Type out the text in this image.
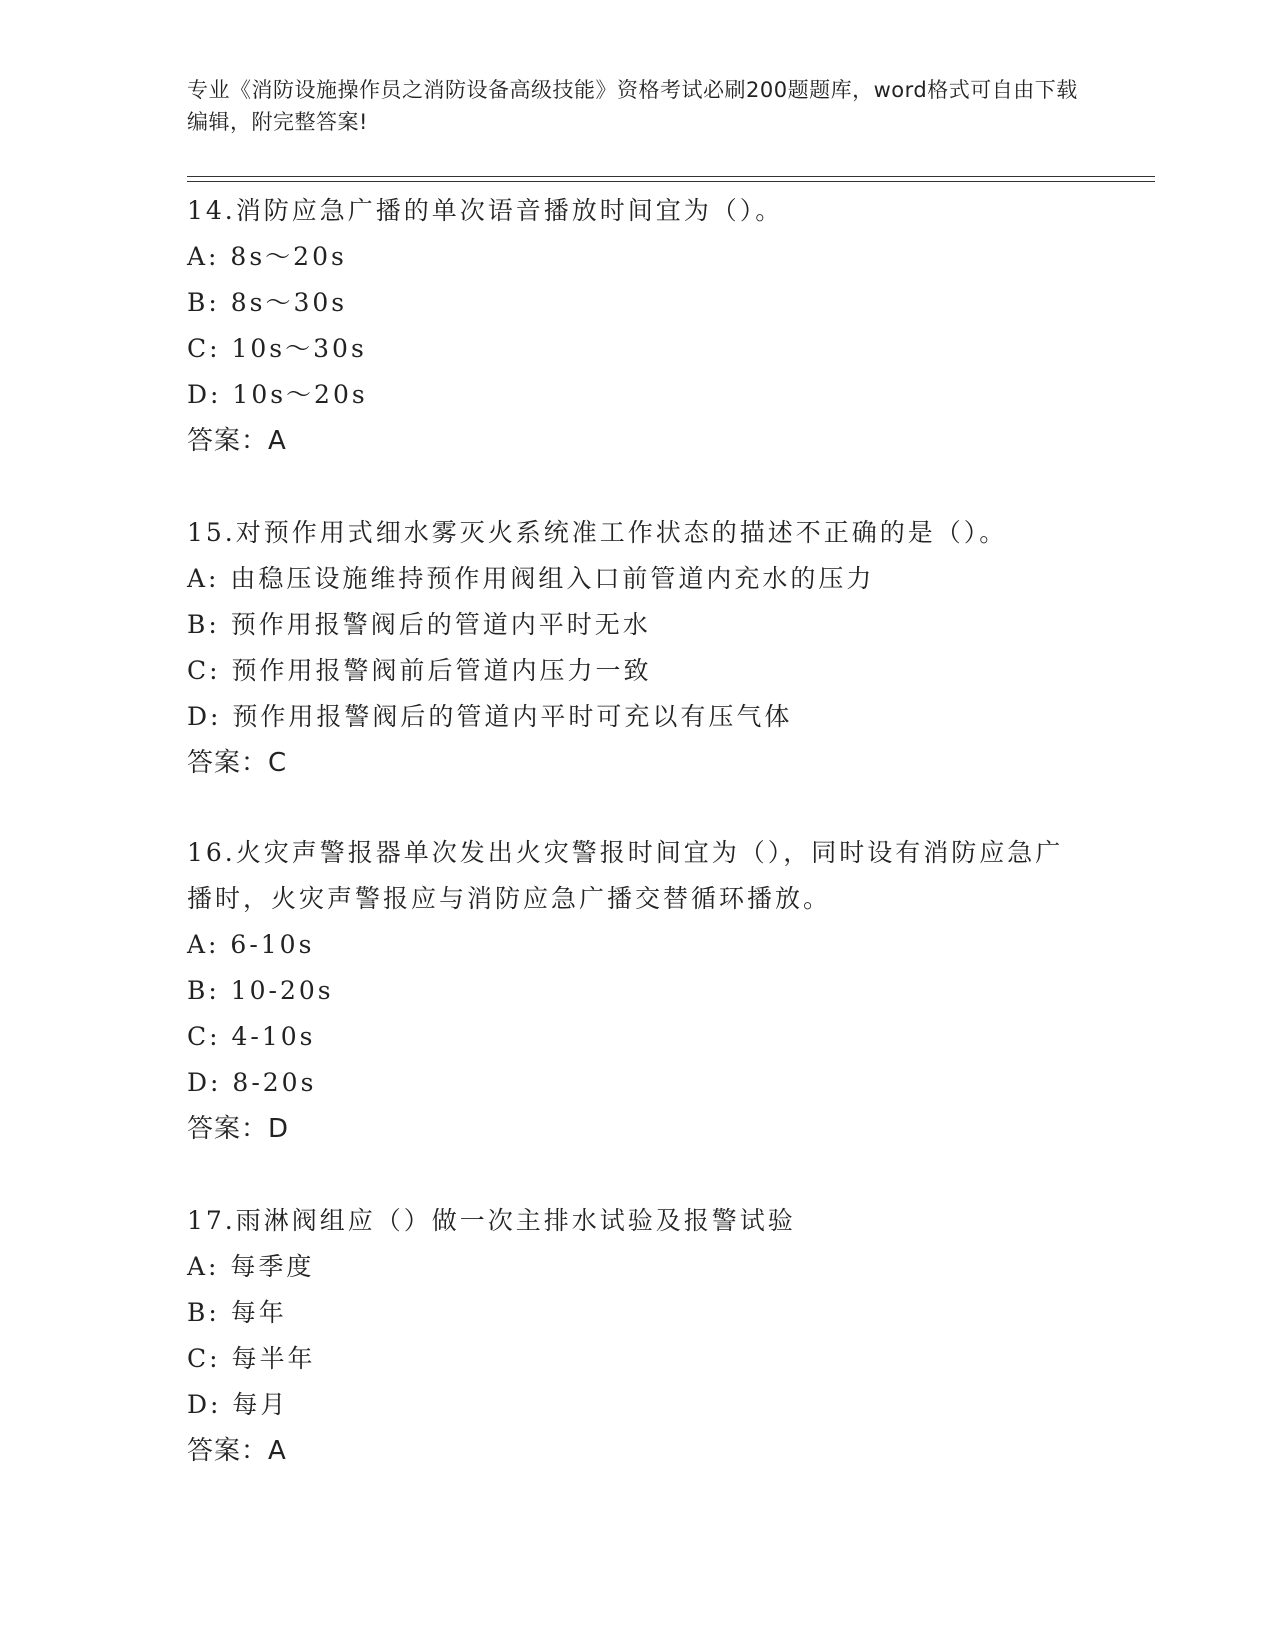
专业《消防设施操作员之消防设备高级技能》资格考试必刷200题题库，word格式可自由下载编辑，附完整答案!

14.消防应急广播的单次语音播放时间宜为（）。

A: 8s～20s

B: 8s～30s

C: 10s～30s

D: 10s～20s

答案：A

15.对预作用式细水雾灭火系统准工作状态的描述不正确的是（）。

A: 由稳压设施维持预作用阀组入口前管道内充水的压力

B: 预作用报警阀后的管道内平时无水

C: 预作用报警阀前后管道内压力一致

D: 预作用报警阀后的管道内平时可充以有压气体

答案：C

16.火灾声警报器单次发出火灾警报时间宜为（），同时设有消防应急广播时，火灾声警报应与消防应急广播交替循环播放。

A: 6-10s

B: 10-20s

C: 4-10s

D: 8-20s

答案：D

17.雨淋阀组应（）做一次主排水试验及报警试验

A: 每季度

B: 每年

C: 每半年

D: 每月

答案：A
